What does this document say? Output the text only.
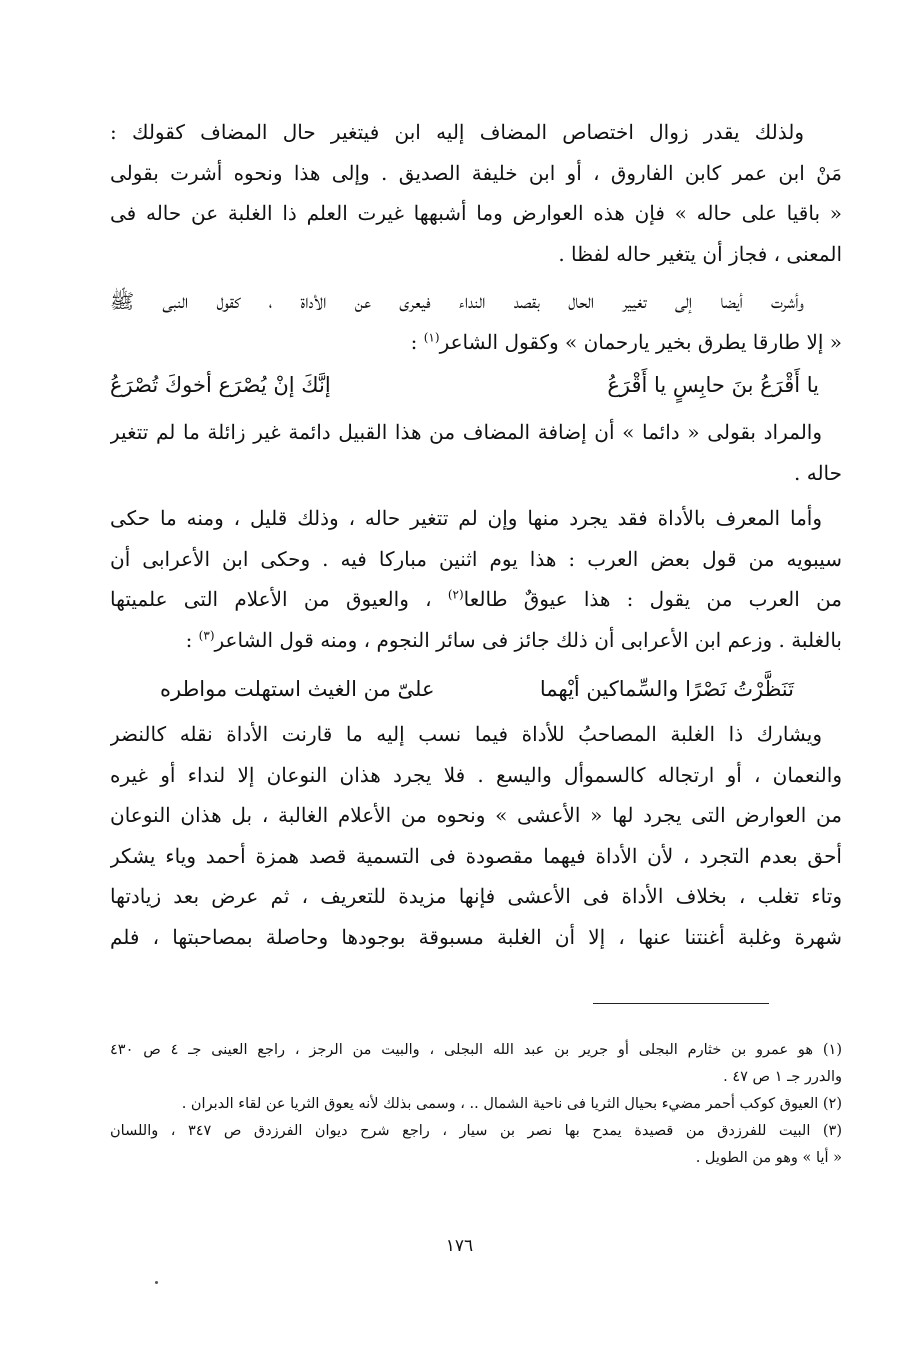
ولذلك يقدر زوال اختصاص المضاف إليه ابن فيتغير حال المضاف كقولك :

مَنْ ابن عمر كابن الفاروق ، أو ابن خليفة الصديق . وإلى هذا ونحوه أشرت بقولى
« باقيا على حاله » فإن هذه العوارض وما أشبهها غيرت العلم ذا الغلبة عن حاله فى
المعنى ، فجاز أن يتغير حاله لفظا .

وأشرت أيضا إلى تغيير الحال بقصد النداء فيعرى عن الأداة ، كقول النبى ﷺ

« إلا طارقا يطرق بخير يارحمان » وكقول الشاعر$^{(١)}$ :

يا أَقْرَعُ بنَ حابِسٍ يا أَقْرَعُ
إنَّكَ إنْ يُصْرَع أخوكَ تُصْرَعُ

والمراد بقولى « دائما » أن إضافة المضاف من هذا القبيل دائمة غير زائلة ما لم تتغير

حاله .

وأما المعرف بالأداة فقد يجرد منها وإن لم تتغير حاله ، وذلك قليل ، ومنه ما حكى

سيبويه من قول بعض العرب : هذا يوم اثنين مباركا فيه . وحكى ابن الأعرابى أن
من العرب من يقول : هذا عيوقٌ طالعا$^{(٢)}$ ، والعيوق من الأعلام التى علميتها
بالغلبة . وزعم ابن الأعرابى أن ذلك جائز فى سائر النجوم ، ومنه قول الشاعر$^{(٣)}$ :

تَنَظَّرْتُ نَصْرًا والسِّماكين أيْهما
علىّ من الغيث استهلت مواطره

ويشارك ذا الغلبة المصاحبُ للأداة فيما نسب إليه ما قارنت الأداة نقله كالنضر

والنعمان ، أو ارتجاله كالسموأل واليسع . فلا يجرد هذان النوعان إلا لنداء أو غيره
من العوارض التى يجرد لها « الأعشى » ونحوه من الأعلام الغالبة ، بل هذان النوعان
أحق بعدم التجرد ، لأن الأداة فيهما مقصودة فى التسمية قصد همزة أحمد وياء يشكر
وتاء تغلب ، بخلاف الأداة فى الأعشى فإنها مزيدة للتعريف ، ثم عرض بعد زيادتها
شهرة وغلبة أغنتنا عنها ، إلا أن الغلبة مسبوقة بوجودها وحاصلة بمصاحبتها ، فلم

(١) هو عمرو بن خثارم البجلى أو جرير بن عبد الله البجلى ، والبيت من الرجز ، راجع العينى جـ ٤ ص ٤٣٠
والدرر جـ ١ ص ٤٧ .

(٢) العيوق كوكب أحمر مضيء بحيال الثريا فى ناحية الشمال .. ، وسمى بذلك لأنه يعوق الثريا عن لقاء الدبران .

(٣) البيت للفرزدق من قصيدة يمدح بها نصر بن سيار ، راجع شرح ديوان الفرزدق ص ٣٤٧ ، واللسان
« أيا » وهو من الطويل .

١٧٦
